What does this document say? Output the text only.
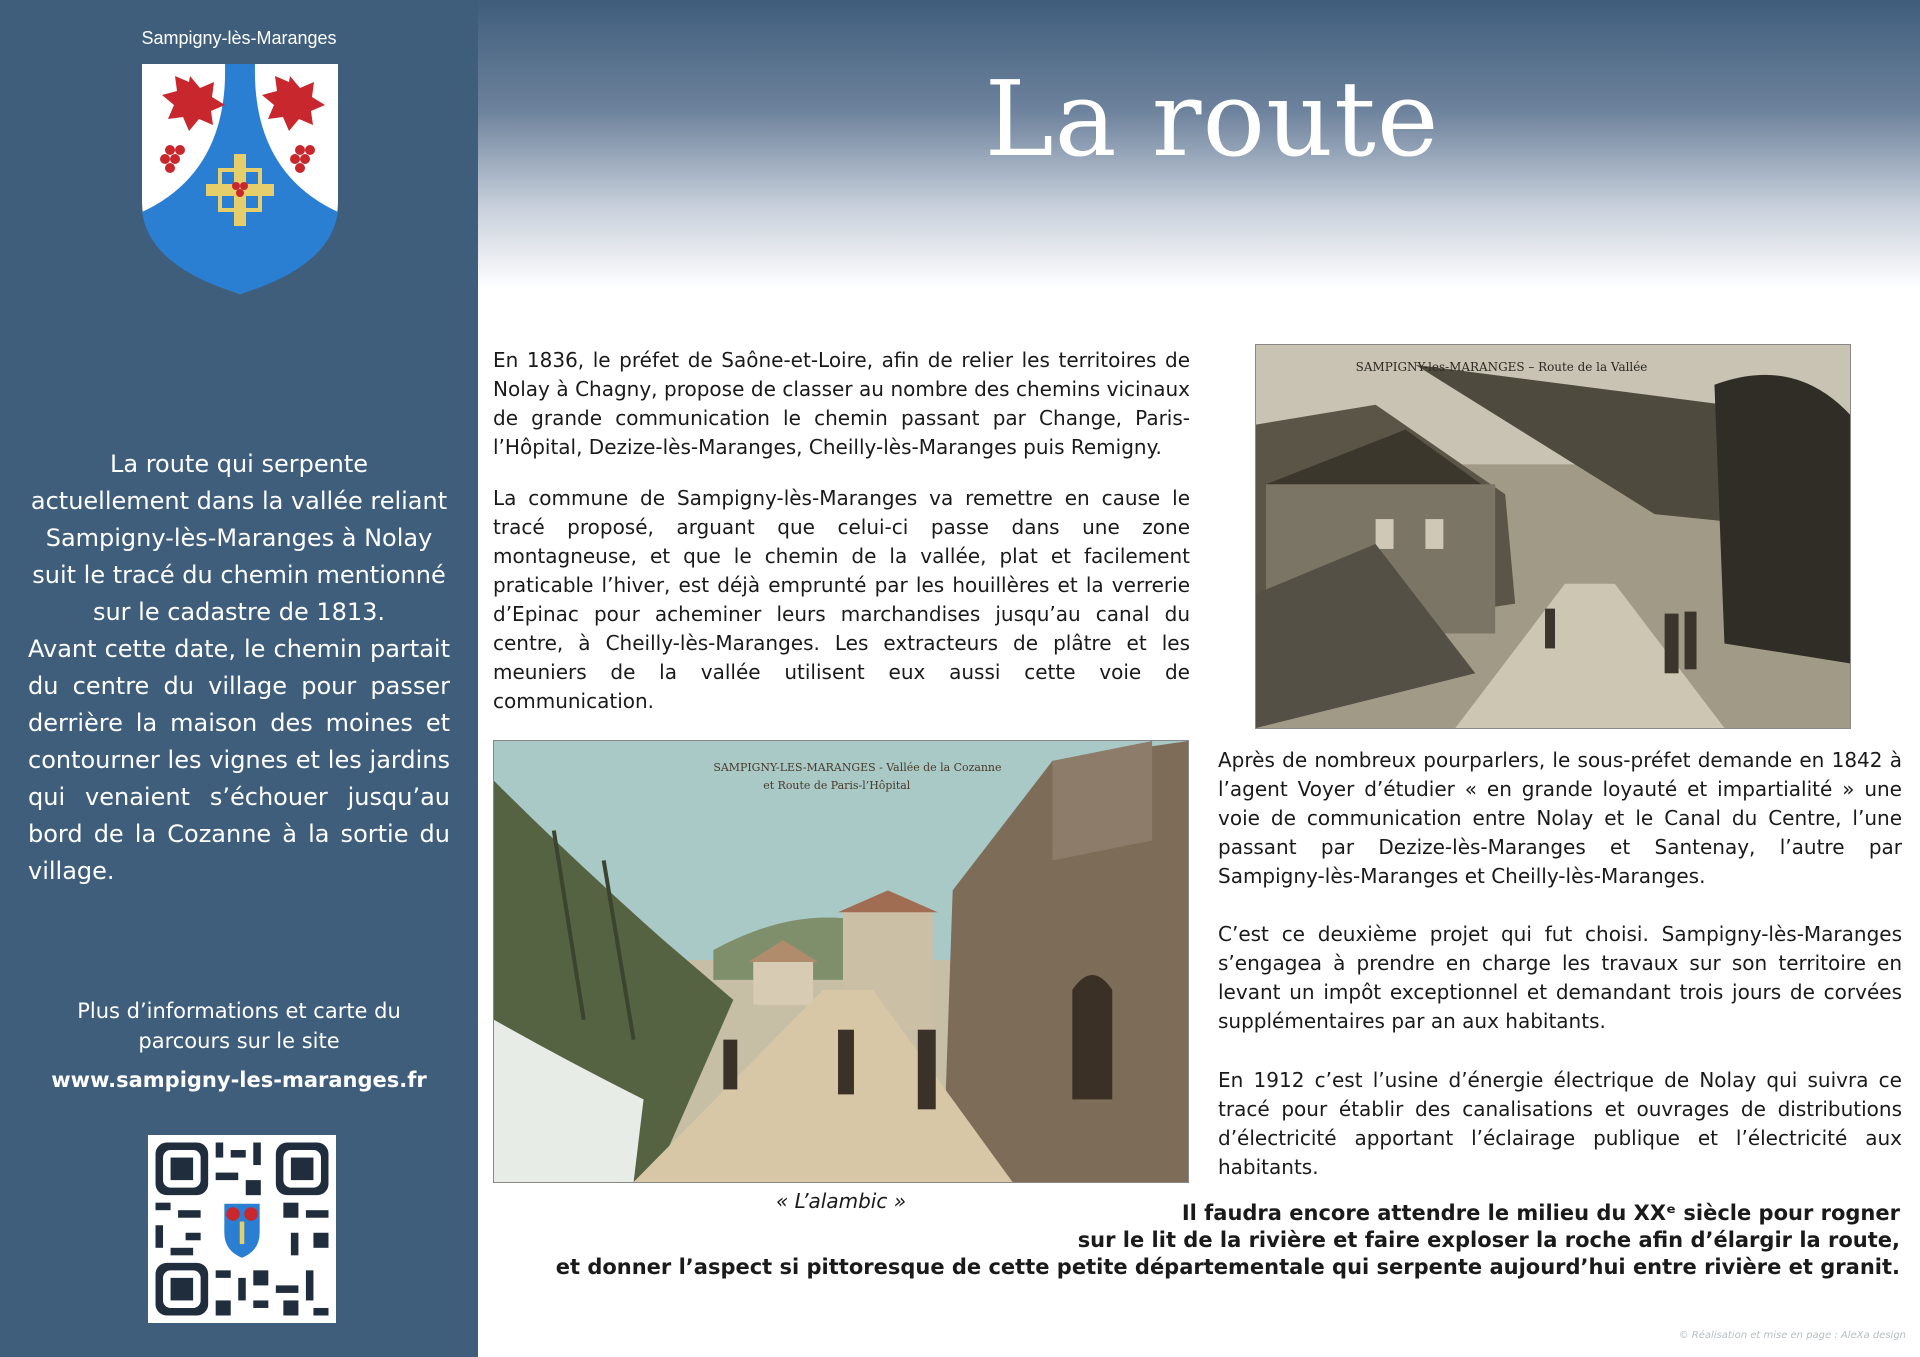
Sampigny-lès-Maranges
La route qui serpente actuellement dans la vallée reliant Sampigny-lès-Maranges à Nolay suit le tracé du chemin mentionné sur le cadastre de 1813.
Avant cette date, le chemin partait du centre du village pour passer derrière la maison des moines et contourner les vignes et les jardins qui venaient s’échouer jusqu’au bord de la Cozanne à la sortie du village.
Plus d’informations et carte du parcours sur le site
www.sampigny-les-maranges.fr
La route
En 1836, le préfet de Saône-et-Loire, afin de relier les territoires de Nolay à Chagny, propose de classer au nombre des chemins vicinaux de grande communication le chemin passant par Change, Paris-l’Hôpital, Dezize-lès-Maranges, Cheilly-lès-Maranges puis Remigny.
La commune de Sampigny-lès-Maranges va remettre en cause le tracé proposé, arguant que celui-ci passe dans une zone montagneuse, et que le chemin de la vallée, plat et facilement praticable l’hiver, est déjà emprunté par les houillères et la verrerie d’Epinac pour acheminer leurs marchandises jusqu’au canal du centre, à Cheilly-lès-Maranges. Les extracteurs de plâtre et les meuniers de la vallée utilisent eux aussi cette voie de communication.
Après de nombreux pourparlers, le sous-préfet demande en 1842 à l’agent Voyer d’étudier « en grande loyauté et impartialité » une voie de communication entre Nolay et le Canal du Centre, l’une passant par Dezize-lès-Maranges et Santenay, l’autre par Sampigny-lès-Maranges et Cheilly-lès-Maranges.
C’est ce deuxième projet qui fut choisi. Sampigny-lès-Maranges s’engagea à prendre en charge les travaux sur son territoire en levant un impôt exceptionnel et demandant trois jours de corvées supplémentaires par an aux habitants.
En 1912 c’est l’usine d’énergie électrique de Nolay qui suivra ce tracé pour établir des canalisations et ouvrages de distributions d’électricité apportant l’éclairage publique et l’électricité aux habitants.
SAMPIGNY-les-MARANGES – Route de la Vallée
SAMPIGNY-LES-MARANGES - Vallée de la Cozanne
et Route de Paris-l’Hôpital
« L’alambic »	Il faudra encore attendre le milieu du XXᵉ siècle pour rogner
sur le lit de la rivière et faire exploser la roche afin d’élargir la route,
et donner l’aspect si pittoresque de cette petite départementale qui serpente aujourd’hui entre rivière et granit.
© Réalisation et mise en page : AleXa design
